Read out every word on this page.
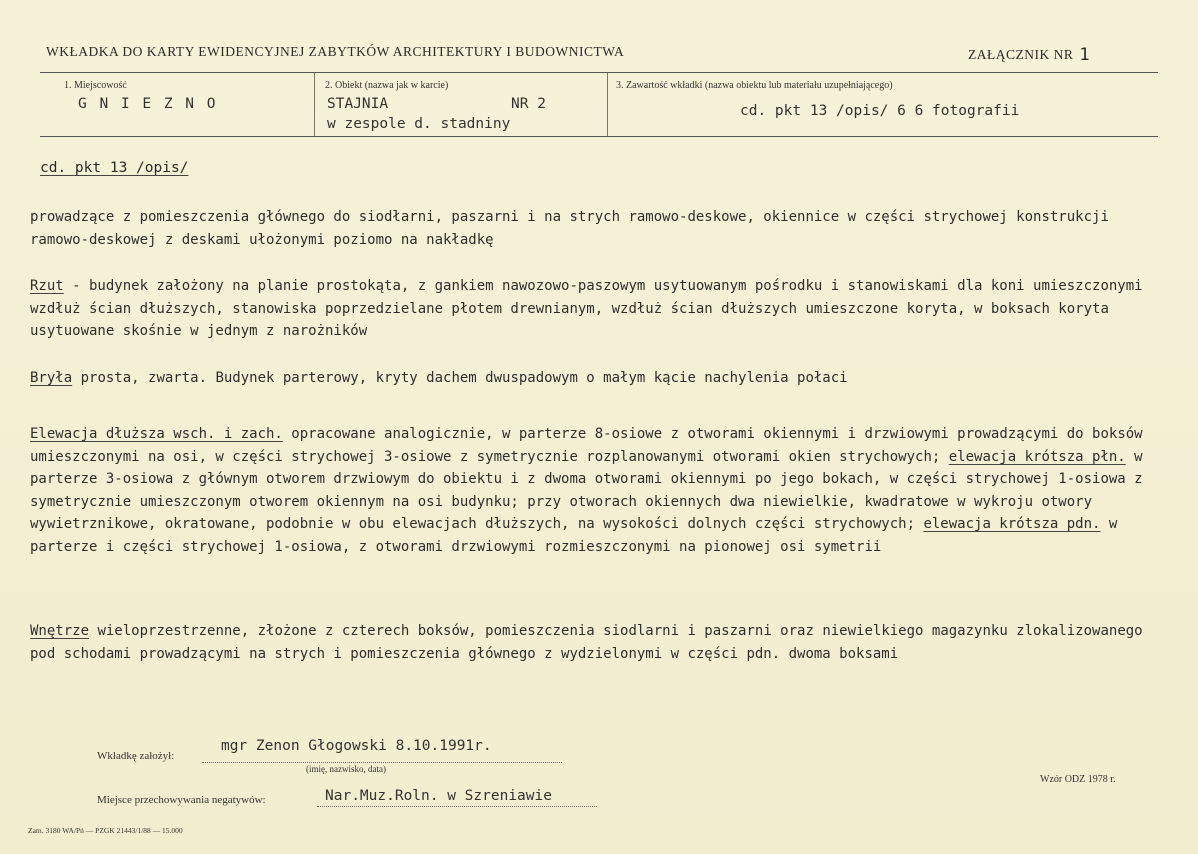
WKŁADKA DO KARTY EWIDENCYJNEJ ZABYTKÓW ARCHITEKTURY I BUDOWNICTWA	ZAŁĄCZNIK NR 1
1. Miejscowość
G N I E Z N O
2. Obiekt (nazwa jak w karcie)
STAJNIA	NR 2
w zespole d. stadniny
3. Zawartość wkładki (nazwa obiektu lub materiału uzupełniającego)
cd. pkt 13 /opis/ 6 6 fotografii
cd. pkt 13 /opis/

prowadzące z pomieszczenia głównego do siodłarni, paszarni i na strych ramowo-deskowe, okiennice w części strychowej konstrukcji ramowo-deskowej z deskami ułożonymi poziomo na nakładkę

Rzut - budynek założony na planie prostokąta, z gankiem nawozowo-paszowym usytuowanym pośrodku i stanowiskami dla koni umieszczonymi wzdłuż ścian dłuższych, stanowiska poprzedzielane płotem drewnianym, wzdłuż ścian dłuższych umieszczone koryta, w boksach koryta usytuowane skośnie w jednym z narożników

Bryła prosta, zwarta. Budynek parterowy, kryty dachem dwuspadowym o małym kącie nachylenia połaci

Elewacja dłuższa wsch. i zach. opracowane analogicznie, w parterze 8-osiowe z otworami okiennymi i drzwiowymi prowadzącymi do boksów umieszczonymi na osi, w części strychowej 3-osiowe z symetrycznie rozplanowanymi otworami okien strychowych; elewacja krótsza płn. w parterze 3-osiowa z głównym otworem drzwiowym do obiektu i z dwoma otworami okiennymi po jego bokach, w części strychowej 1-osiowa z symetrycznie umieszczonym otworem okiennym na osi budynku; przy otworach okiennych dwa niewielkie, kwadratowe w wykroju otwory wywietrznikowe, okratowane, podobnie w obu elewacjach dłuższych, na wysokości dolnych części strychowych; elewacja krótsza pdn. w parterze i części strychowej 1-osiowa, z otworami drzwiowymi rozmieszczonymi na pionowej osi symetrii

Wnętrze wieloprzestrzenne, złożone z czterech boksów, pomieszczenia siodlarni i paszarni oraz niewielkiego magazynku zlokalizowanego pod schodami prowadzącymi na strych i pomieszczenia głównego z wydzielonymi w części pdn. dwoma boksami

Wkładkę założył:
mgr Zenon Głogowski 8.10.1991r.
(imię, nazwisko, data)
Wzór ODZ 1978 r.
Miejsce przechowywania negatywów:	Nar.Muz.Roln. w Szreniawie
Zam. 3180 WA/Pń — PZGK 21443/1/88 — 15.000
